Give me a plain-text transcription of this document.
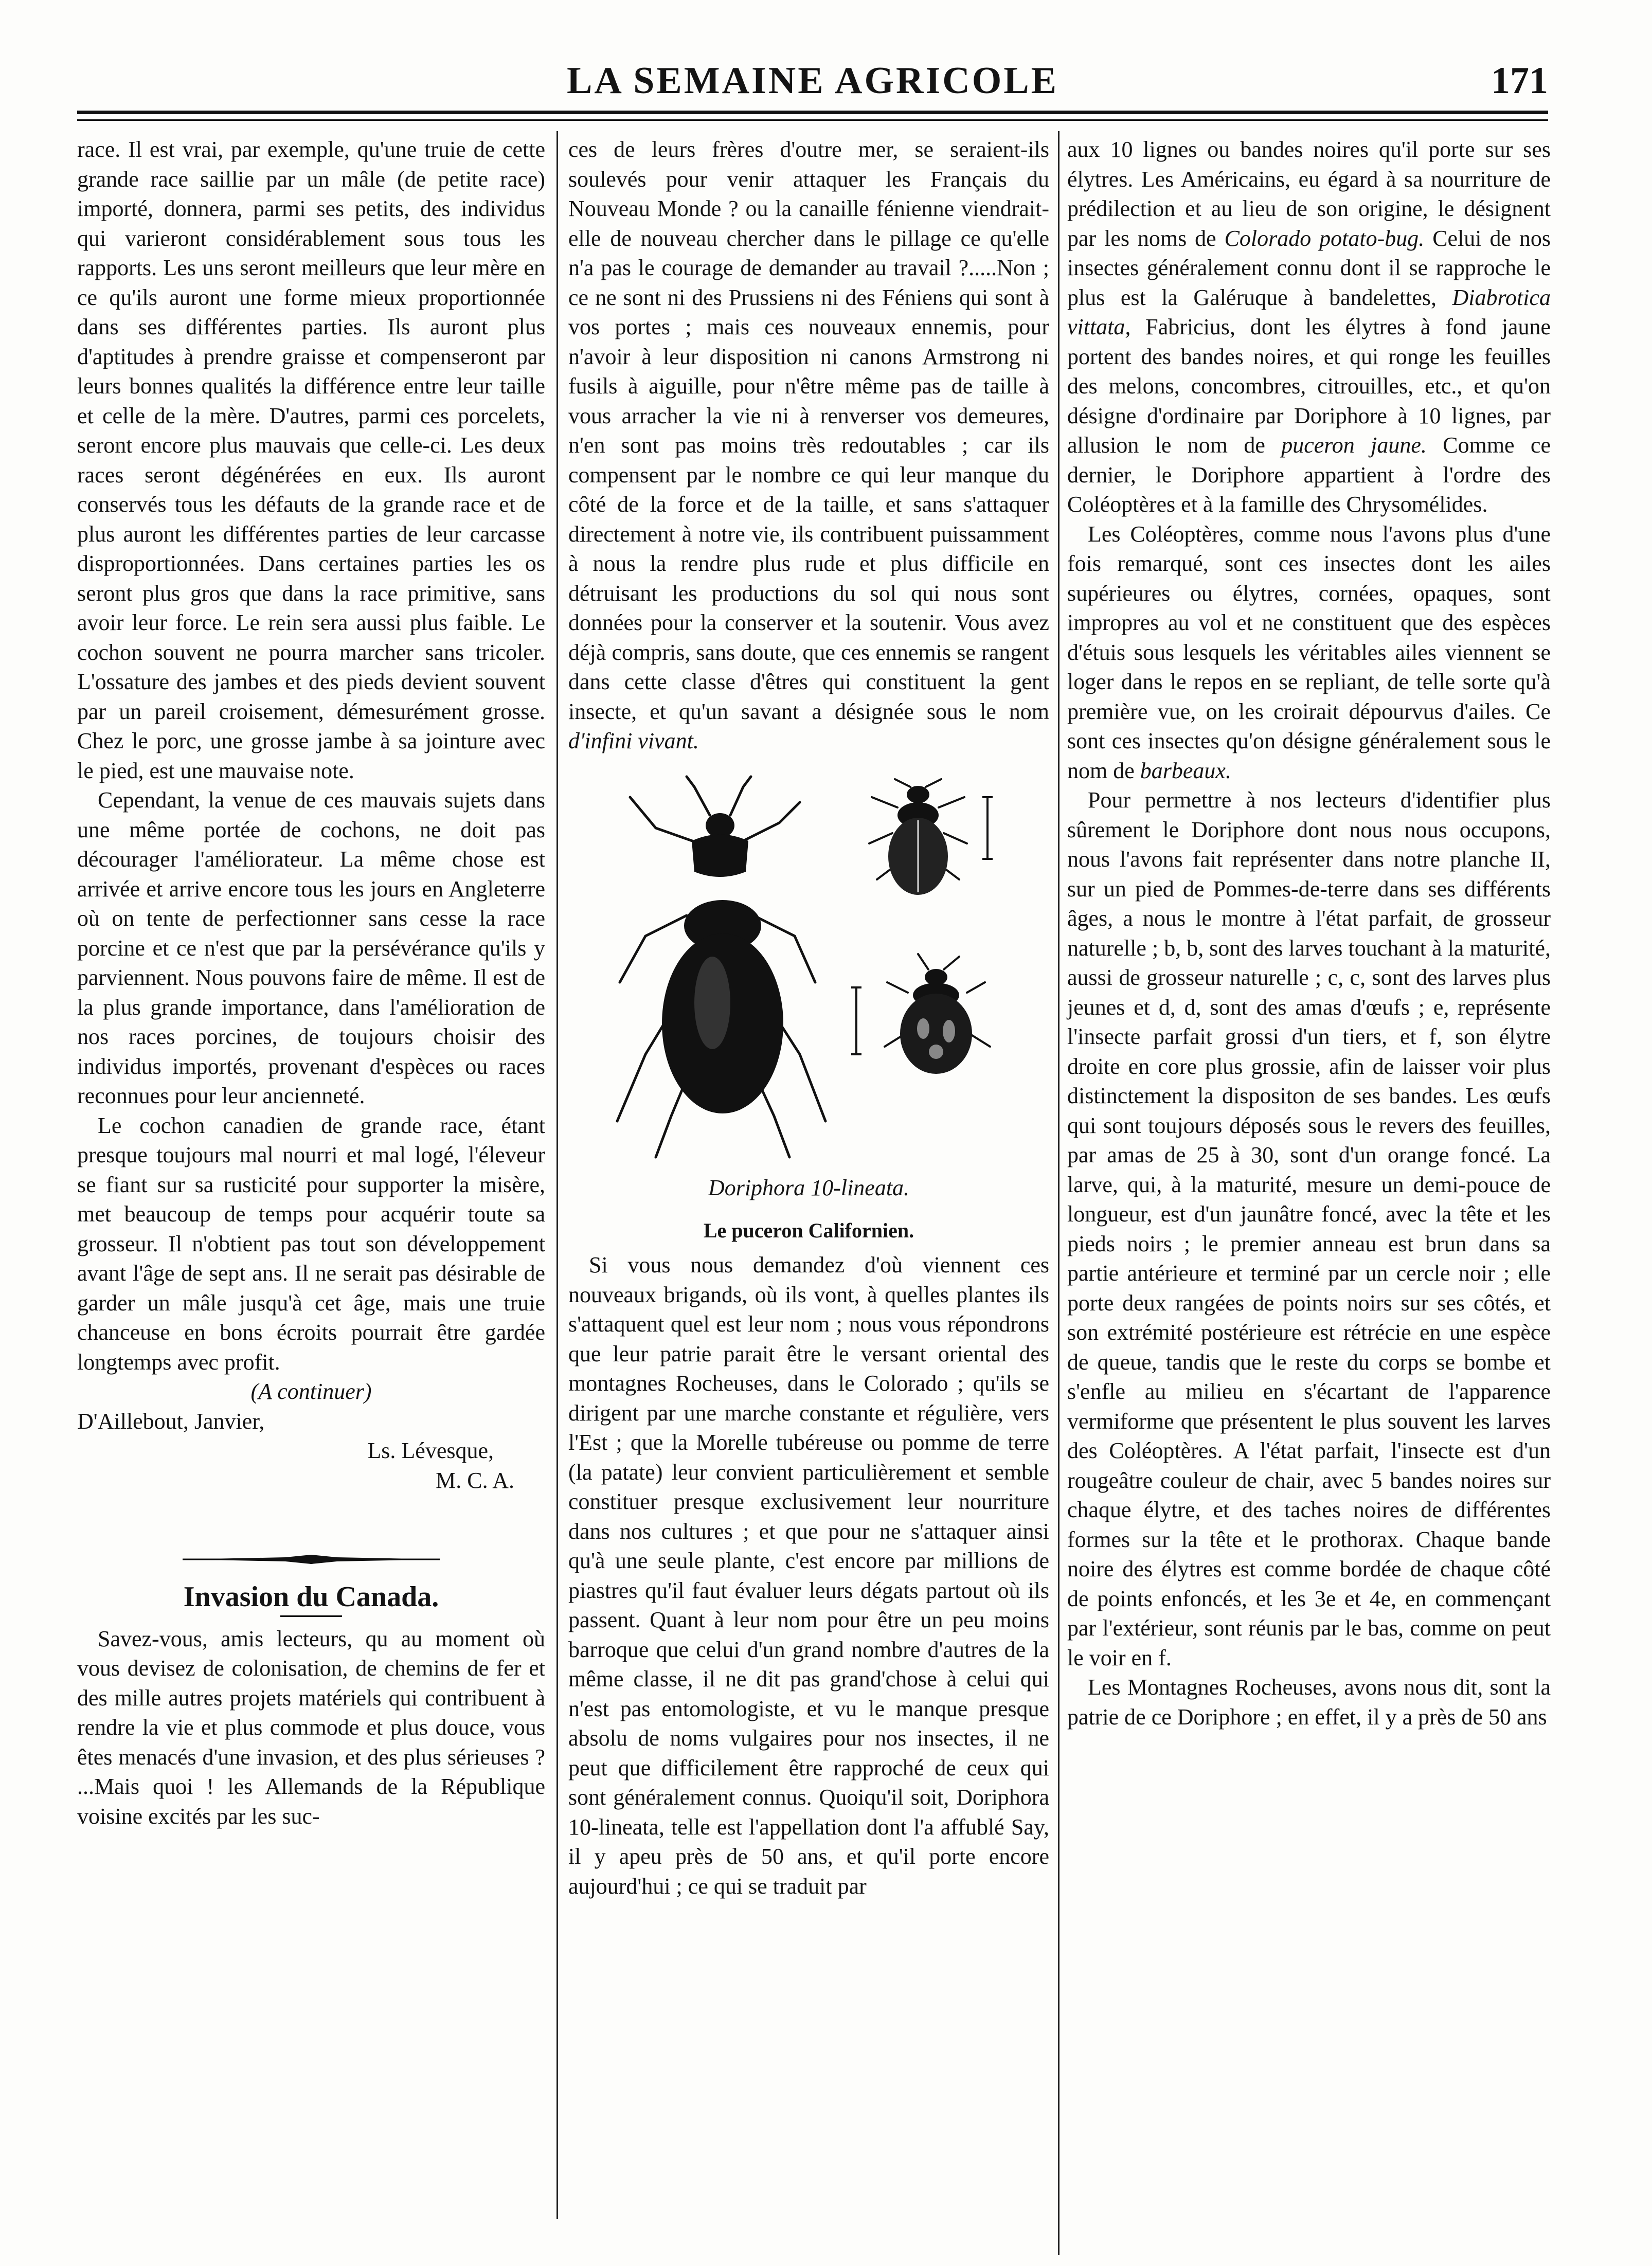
LA SEMAINE AGRICOLE	171

race. Il est vrai, par exemple, qu'une truie de cette grande race saillie par un mâle (de petite race) importé, donnera, parmi ses petits, des individus qui varieront considérablement sous tous les rapports. Les uns seront meilleurs que leur mère en ce qu'ils auront une forme mieux proportionnée dans ses différentes parties. Ils auront plus d'aptitudes à prendre graisse et compenseront par leurs bonnes qualités la différence entre leur taille et celle de la mère. D'autres, parmi ces porcelets, seront encore plus mauvais que celle-ci. Les deux races seront dégénérées en eux. Ils auront conservés tous les défauts de la grande race et de plus auront les différentes parties de leur carcasse disproportionnées. Dans certaines parties les os seront plus gros que dans la race primitive, sans avoir leur force. Le rein sera aussi plus faible. Le cochon souvent ne pourra marcher sans tricoler. L'ossature des jambes et des pieds devient souvent par un pareil croisement, démesurément grosse. Chez le porc, une grosse jambe à sa jointure avec le pied, est une mauvaise note.

Cependant, la venue de ces mauvais sujets dans une même portée de cochons, ne doit pas décourager l'améliorateur. La même chose est arrivée et arrive encore tous les jours en Angleterre où on tente de perfectionner sans cesse la race porcine et ce n'est que par la persévérance qu'ils y parviennent. Nous pouvons faire de même. Il est de la plus grande importance, dans l'amélioration de nos races porcines, de toujours choisir des individus importés, provenant d'espèces ou races reconnues pour leur ancienneté.

Le cochon canadien de grande race, étant presque toujours mal nourri et mal logé, l'éleveur se fiant sur sa rusticité pour supporter la misère, met beaucoup de temps pour acquérir toute sa grosseur. Il n'obtient pas tout son développement avant l'âge de sept ans. Il ne serait pas désirable de garder un mâle jusqu'à cet âge, mais une truie chanceuse en bons écroits pourrait être gardée longtemps avec profit.

(A continuer)

D'Aillebout, Janvier,

Ls. Lévesque,

M. C. A.

Invasion du Canada.

Savez-vous, amis lecteurs, qu au moment où vous devisez de colonisation, de chemins de fer et des mille autres projets matériels qui contribuent à rendre la vie et plus commode et plus douce, vous êtes menacés d'une invasion, et des plus sérieuses ? ...Mais quoi ! les Allemands de la République voisine excités par les suc-

ces de leurs frères d'outre mer, se seraient-ils soulevés pour venir attaquer les Français du Nouveau Monde ? ou la canaille fénienne viendrait-elle de nouveau chercher dans le pillage ce qu'elle n'a pas le courage de demander au travail ?.....Non ; ce ne sont ni des Prussiens ni des Féniens qui sont à vos portes ; mais ces nouveaux ennemis, pour n'avoir à leur disposition ni canons Armstrong ni fusils à aiguille, pour n'être même pas de taille à vous arracher la vie ni à renverser vos demeures, n'en sont pas moins très redoutables ; car ils compensent par le nombre ce qui leur manque du côté de la force et de la taille, et sans s'attaquer directement à notre vie, ils contribuent puissamment à nous la rendre plus rude et plus difficile en détruisant les productions du sol qui nous sont données pour la conserver et la soutenir. Vous avez déjà compris, sans doute, que ces ennemis se rangent dans cette classe d'êtres qui constituent la gent insecte, et qu'un savant a désignée sous le nom d'infini vivant.

Doriphora 10-lineata.
Le puceron Californien.

Si vous nous demandez d'où viennent ces nouveaux brigands, où ils vont, à quelles plantes ils s'attaquent quel est leur nom ; nous vous répondrons que leur patrie parait être le versant oriental des montagnes Rocheuses, dans le Colorado ; qu'ils se dirigent par une marche constante et régulière, vers l'Est ; que la Morelle tubéreuse ou pomme de terre (la patate) leur convient particulièrement et semble constituer presque exclusivement leur nourriture dans nos cultures ; et que pour ne s'attaquer ainsi qu'à une seule plante, c'est encore par millions de piastres qu'il faut évaluer leurs dégats partout où ils passent. Quant à leur nom pour être un peu moins barroque que celui d'un grand nombre d'autres de la même classe, il ne dit pas grand'chose à celui qui n'est pas entomologiste, et vu le manque presque absolu de noms vulgaires pour nos insectes, il ne peut que difficilement être rapproché de ceux qui sont généralement connus. Quoiqu'il soit, Doriphora 10-lineata, telle est l'appellation dont l'a affublé Say, il y apeu près de 50 ans, et qu'il porte encore aujourd'hui ; ce qui se traduit par

aux 10 lignes ou bandes noires qu'il porte sur ses élytres. Les Américains, eu égard à sa nourriture de prédilection et au lieu de son origine, le désignent par les noms de Colorado potato-bug. Celui de nos insectes généralement connu dont il se rapproche le plus est la Galéruque à bandelettes, Diabrotica vittata, Fabricius, dont les élytres à fond jaune portent des bandes noires, et qui ronge les feuilles des melons, concombres, citrouilles, etc., et qu'on désigne d'ordinaire par Doriphore à 10 lignes, par allusion le nom de puceron jaune. Comme ce dernier, le Doriphore appartient à l'ordre des Coléoptères et à la famille des Chrysomélides.

Les Coléoptères, comme nous l'avons plus d'une fois remarqué, sont ces insectes dont les ailes supérieures ou élytres, cornées, opaques, sont impropres au vol et ne constituent que des espèces d'étuis sous lesquels les véritables ailes viennent se loger dans le repos en se repliant, de telle sorte qu'à première vue, on les croirait dépourvus d'ailes. Ce sont ces insectes qu'on désigne généralement sous le nom de barbeaux.

Pour permettre à nos lecteurs d'identifier plus sûrement le Doriphore dont nous nous occupons, nous l'avons fait représenter dans notre planche II, sur un pied de Pommes-de-terre dans ses différents âges, a nous le montre à l'état parfait, de grosseur naturelle ; b, b, sont des larves touchant à la maturité, aussi de grosseur naturelle ; c, c, sont des larves plus jeunes et d, d, sont des amas d'œufs ; e, représente l'insecte parfait grossi d'un tiers, et f, son élytre droite en core plus grossie, afin de laisser voir plus distinctement la dispositon de ses bandes. Les œufs qui sont toujours déposés sous le revers des feuilles, par amas de 25 à 30, sont d'un orange foncé. La larve, qui, à la maturité, mesure un demi-pouce de longueur, est d'un jaunâtre foncé, avec la tête et les pieds noirs ; le premier anneau est brun dans sa partie antérieure et terminé par un cercle noir ; elle porte deux rangées de points noirs sur ses côtés, et son extrémité postérieure est rétrécie en une espèce de queue, tandis que le reste du corps se bombe et s'enfle au milieu en s'écartant de l'apparence vermiforme que présentent le plus souvent les larves des Coléoptères. A l'état parfait, l'insecte est d'un rougeâtre couleur de chair, avec 5 bandes noires sur chaque élytre, et des taches noires de différentes formes sur la tête et le prothorax. Chaque bande noire des élytres est comme bordée de chaque côté de points enfoncés, et les 3e et 4e, en commençant par l'extérieur, sont réunis par le bas, comme on peut le voir en f.

Les Montagnes Rocheuses, avons nous dit, sont la patrie de ce Doriphore ; en effet, il y a près de 50 ans
